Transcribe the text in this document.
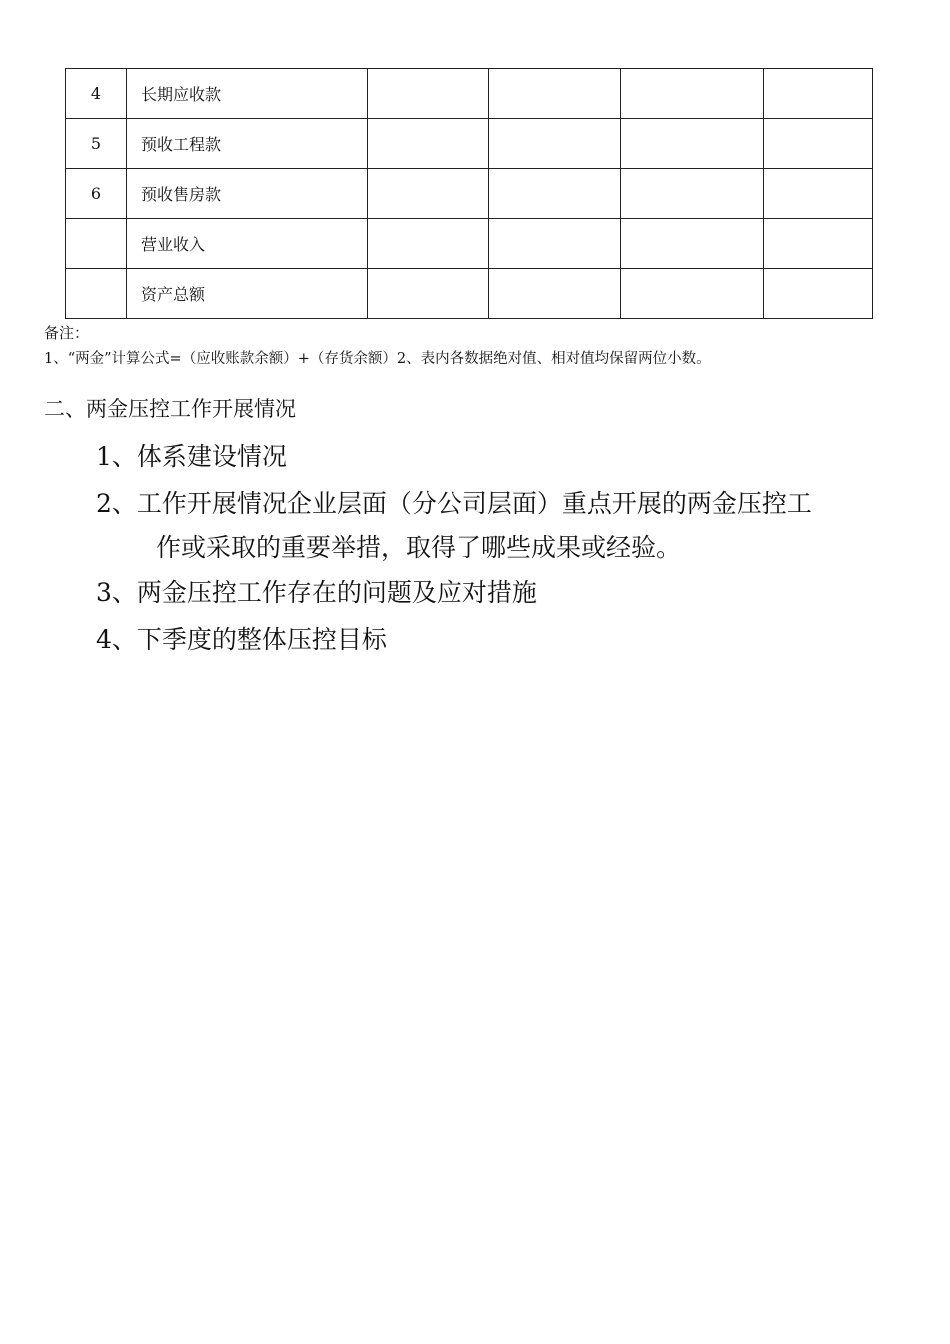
4	长期应收款				
5	预收工程款				
6	预收售房款				
	营业收入				
	资产总额				
备注：
1、“两金”计算公式=（应收账款余额）+（存货余额）2、表内各数据绝对值、相对值均保留两位小数。
二、两金压控工作开展情况
1、体系建设情况
2、工作开展情况企业层面（分公司层面）重点开展的两金压控工
作或采取的重要举措，取得了哪些成果或经验。
3、两金压控工作存在的问题及应对措施
4、下季度的整体压控目标
